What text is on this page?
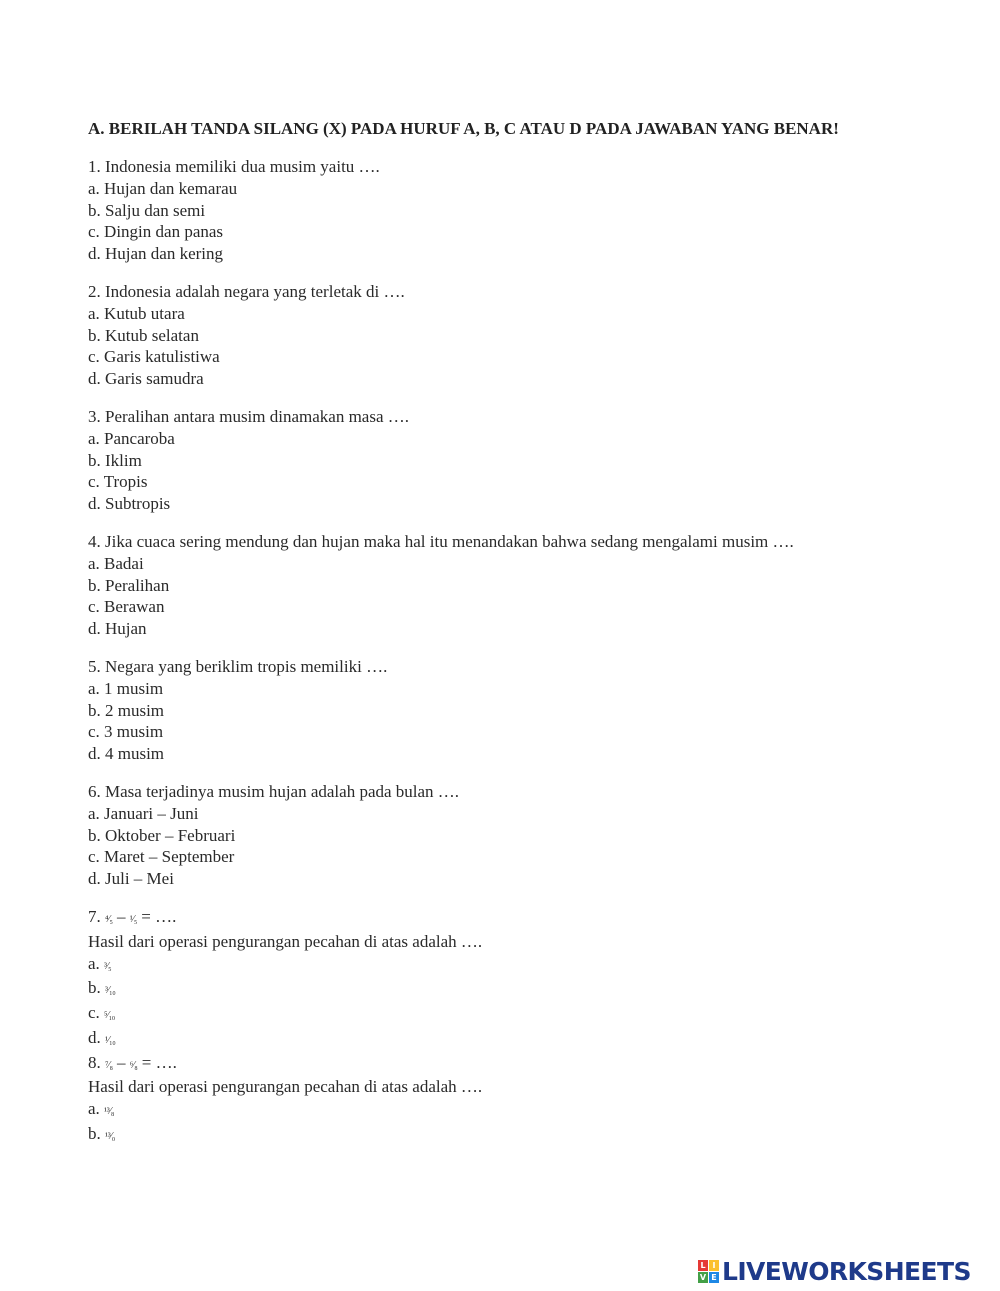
A. BERILAH TANDA SILANG (X) PADA HURUF A, B, C ATAU D PADA JAWABAN YANG BENAR!
1. Indonesia memiliki dua musim yaitu ….
a. Hujan dan kemarau
b. Salju dan semi
c. Dingin dan panas
d. Hujan dan kering
2. Indonesia adalah negara yang terletak di ….
a. Kutub utara
b. Kutub selatan
c. Garis katulistiwa
d. Garis samudra
3. Peralihan antara musim dinamakan masa ….
a. Pancaroba
b. Iklim
c. Tropis
d. Subtropis
4. Jika cuaca sering mendung dan hujan maka hal itu menandakan bahwa sedang mengalami musim ….
a. Badai
b. Peralihan
c. Berawan
d. Hujan
5. Negara yang beriklim tropis memiliki ….
a. 1 musim
b. 2 musim
c. 3 musim
d. 4 musim
6. Masa terjadinya musim hujan adalah pada bulan ….
a. Januari – Juni
b. Oktober – Februari
c. Maret – September
d. Juli – Mei
7. ⁴⁄₅ – ¹⁄₅ = ….
Hasil dari operasi pengurangan pecahan di atas adalah ….
a. ³⁄₅
b. ³⁄₁₀
c. ⁵⁄₁₀
d. ¹⁄₁₀
8. ⁷⁄₈ – ⁶⁄₈ = ….
Hasil dari operasi pengurangan pecahan di atas adalah ….
a. ¹³⁄₈
b. ¹³⁄₀
L I
V E LIVEWORKSHEETS
